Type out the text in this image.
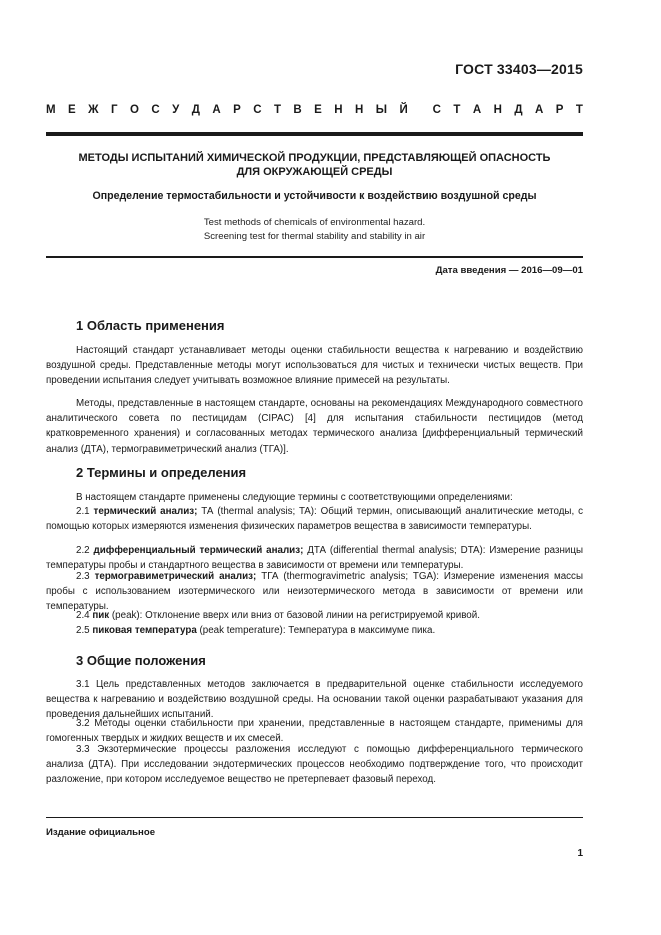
ГОСТ 33403—2015
М Е Ж Г О С У Д А Р С Т В Е Н Н Ы Й С Т А Н Д А Р Т
МЕТОДЫ ИСПЫТАНИЙ ХИМИЧЕСКОЙ ПРОДУКЦИИ, ПРЕДСТАВЛЯЮЩЕЙ ОПАСНОСТЬ
ДЛЯ ОКРУЖАЮЩЕЙ СРЕДЫ
Определение термостабильности и устойчивости к воздействию воздушной среды
Test methods of chemicals of environmental hazard.
Screening test for thermal stability and stability in air
Дата введения — 2016—09—01
1 Область применения

Настоящий стандарт устанавливает методы оценки стабильности вещества к нагреванию и воздействию воздушной среды. Представленные методы могут использоваться для чистых и технически чистых веществ. При проведении испытания следует учитывать возможное влияние примесей на результаты.

Методы, представленные в настоящем стандарте, основаны на рекомендациях Международного совместного аналитического совета по пестицидам (CIPAC) [4] для испытания стабильности пестицидов (метод кратковременного хранения) и согласованных методах термического анализа [дифференциальный термический анализ (ДТА), термогравиметрический анализ (ТГА)].

2 Термины и определения

В настоящем стандарте применены следующие термины с соответствующими определениями:

2.1 термический анализ; ТА (thermal analysis; TA): Общий термин, описывающий аналитические методы, с помощью которых измеряются изменения физических параметров вещества в зависимости температуры.

2.2 дифференциальный термический анализ; ДТА (differential thermal analysis; DTA): Измерение разницы температуры пробы и стандартного вещества в зависимости от времени или температуры.

2.3 термогравиметрический анализ; ТГА (thermogravimetric analysis; TGA): Измерение изменения массы пробы с использованием изотермического или неизотермического метода в зависимости от времени или температуры.

2.4 пик (peak): Отклонение вверх или вниз от базовой линии на регистрируемой кривой.

2.5 пиковая температура (peak temperature): Температура в максимуме пика.

3 Общие положения

3.1 Цель представленных методов заключается в предварительной оценке стабильности исследуемого вещества к нагреванию и воздействию воздушной среды. На основании такой оценки разрабатывают указания для проведения дальнейших испытаний.

3.2 Методы оценки стабильности при хранении, представленные в настоящем стандарте, применимы для гомогенных твердых и жидких веществ и их смесей.

3.3 Экзотермические процессы разложения исследуют с помощью дифференциального термического анализа (ДТА). При исследовании эндотермических процессов необходимо подтверждение того, что происходит разложение, при котором исследуемое вещество не претерпевает фазовый переход.

Издание официальное
1
